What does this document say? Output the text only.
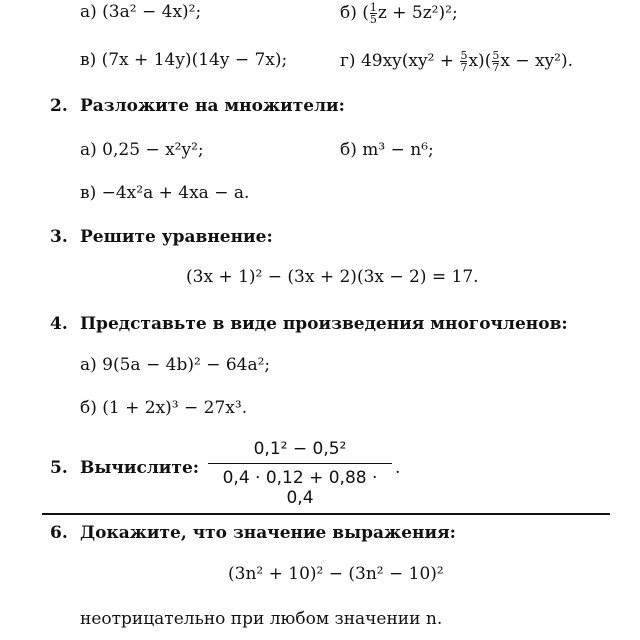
а) (3a² − 4x)²;	б) ( $\frac{1}{5}$ z + 5z²)²;
в) (7x + 14y)(14y − 7x);	г) $49xy(xy^2 + \frac{5}{7} x)( \frac{5}{7}$ x − xy²).
2. Разложите на множители:
а) 0,25 − x²y²;	б) m³ − n⁶;
в) −4x²a + 4xa − a.
3. Решите уравнение:
(3x + 1)² − (3x + 2)(3x − 2) = 17.
4. Представьте в виде произведения многочленов:
а) 9(5a − 4b)² − 64a²;
б) (1 + 2x)³ − 27x³.
5. Вычислите: $\frac{\text{0,1² − 0,5²}}{0,4 \cdot 0,12 + 0,88 \cdot 0,4}$ .
6. Докажите, что значение выражения:
(3n² + 10)² − (3n² − 10)²
неотрицательно при любом значении n.
